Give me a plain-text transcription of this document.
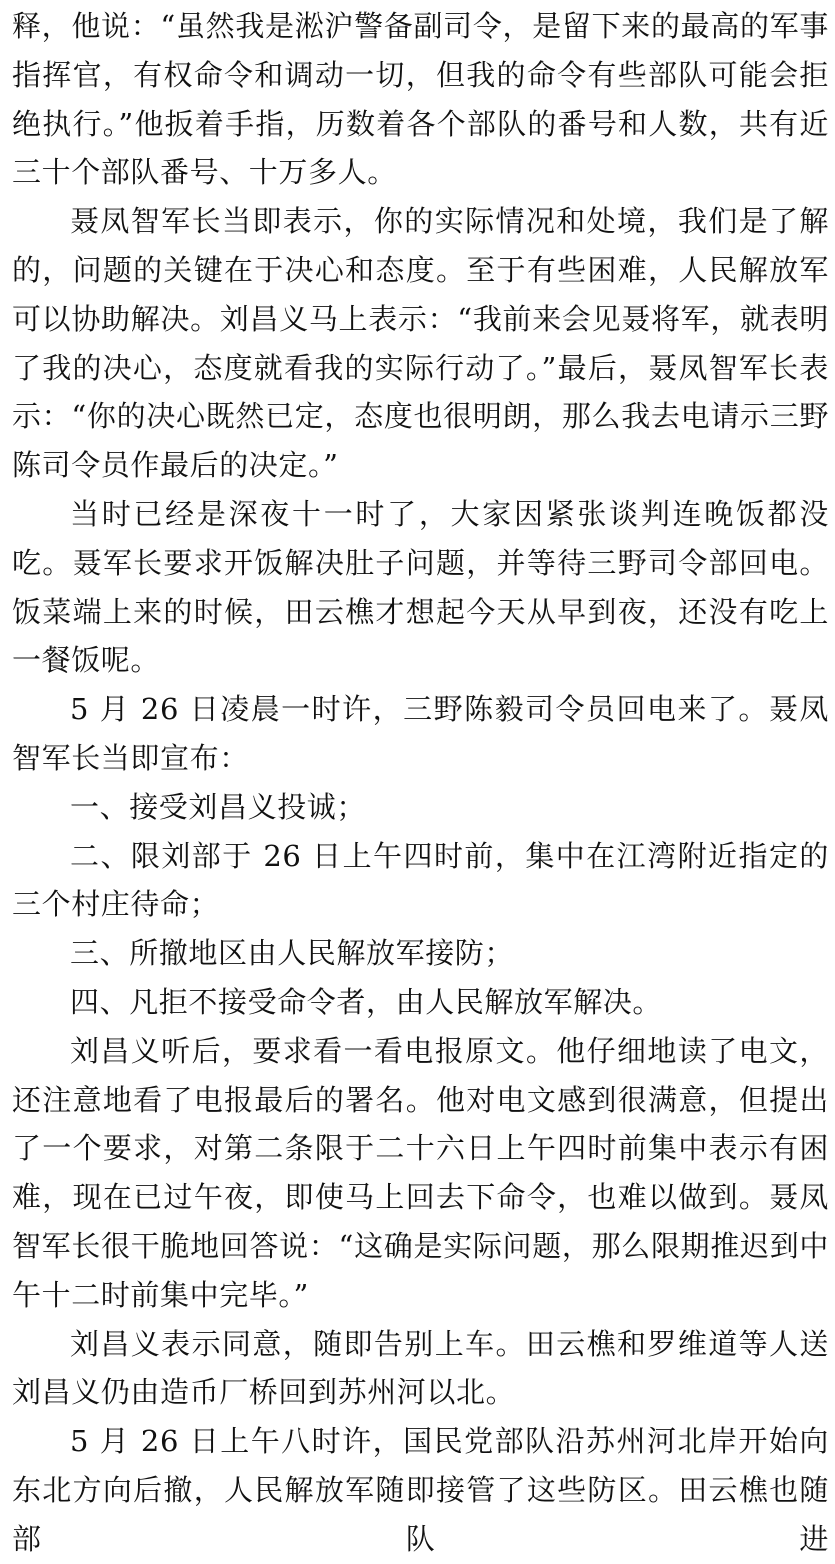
释，他说：“虽然我是淞沪警备副司令，是留下来的最高的军事指挥官，有权命令和调动一切，但我的命令有些部队可能会拒绝执行。”他扳着手指，历数着各个部队的番号和人数，共有近三十个部队番号、十万多人。

聂凤智军长当即表示，你的实际情况和处境，我们是了解的，问题的关键在于决心和态度。至于有些困难，人民解放军可以协助解决。刘昌义马上表示：“我前来会见聂将军，就表明了我的决心，态度就看我的实际行动了。”最后，聂凤智军长表示：“你的决心既然已定，态度也很明朗，那么我去电请示三野陈司令员作最后的决定。”

当时已经是深夜十一时了，大家因紧张谈判连晚饭都没吃。聂军长要求开饭解决肚子问题，并等待三野司令部回电。饭菜端上来的时候，田云樵才想起今天从早到夜，还没有吃上一餐饭呢。

5 月 26 日凌晨一时许，三野陈毅司令员回电来了。聂凤智军长当即宣布：

一、接受刘昌义投诚；

二、限刘部于 26 日上午四时前，集中在江湾附近指定的三个村庄待命；

三、所撤地区由人民解放军接防；

四、凡拒不接受命令者，由人民解放军解决。

刘昌义听后，要求看一看电报原文。他仔细地读了电文，还注意地看了电报最后的署名。他对电文感到很满意，但提出了一个要求，对第二条限于二十六日上午四时前集中表示有困难，现在已过午夜，即使马上回去下命令，也难以做到。聂凤智军长很干脆地回答说：“这确是实际问题，那么限期推迟到中午十二时前集中完毕。”

刘昌义表示同意，随即告别上车。田云樵和罗维道等人送刘昌义仍由造币厂桥回到苏州河以北。

5 月 26 日上午八时许，国民党部队沿苏州河北岸开始向东北方向后撤，人民解放军随即接管了这些防区。田云樵也随部队进
